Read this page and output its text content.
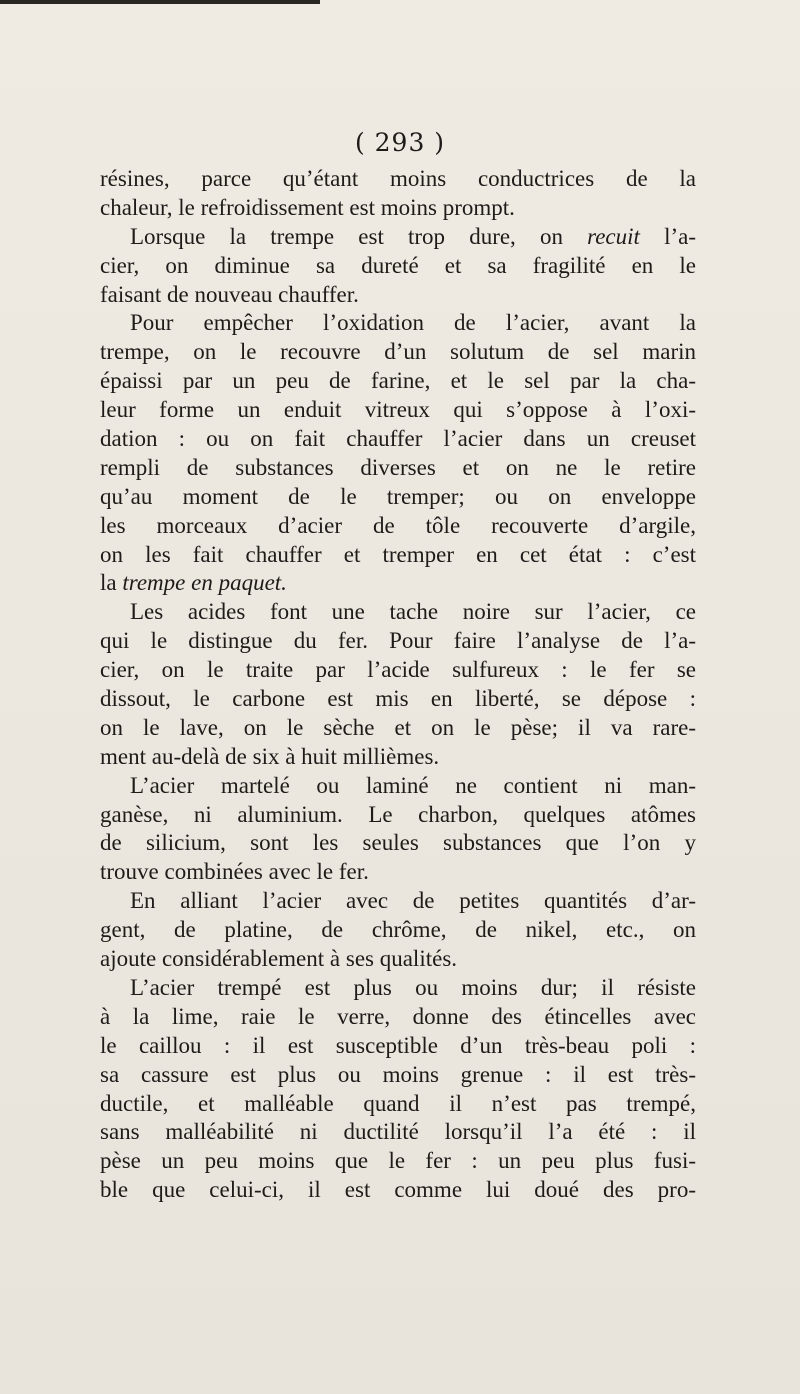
( 293 )
résines, parce qu’étant moins conductrices de la
chaleur, le refroidissement est moins prompt.
Lorsque la trempe est trop dure, on recuit l’a-
cier, on diminue sa dureté et sa fragilité en le
faisant de nouveau chauffer.
Pour empêcher l’oxidation de l’acier, avant la
trempe, on le recouvre d’un solutum de sel marin
épaissi par un peu de farine, et le sel par la cha-
leur forme un enduit vitreux qui s’oppose à l’oxi-
dation : ou on fait chauffer l’acier dans un creuset
rempli de substances diverses et on ne le retire
qu’au moment de le tremper; ou on enveloppe
les morceaux d’acier de tôle recouverte d’argile,
on les fait chauffer et tremper en cet état : c’est
la trempe en paquet.
Les acides font une tache noire sur l’acier, ce
qui le distingue du fer. Pour faire l’analyse de l’a-
cier, on le traite par l’acide sulfureux : le fer se
dissout, le carbone est mis en liberté, se dépose :
on le lave, on le sèche et on le pèse; il va rare-
ment au-delà de six à huit millièmes.
L’acier martelé ou laminé ne contient ni man-
ganèse, ni aluminium. Le charbon, quelques atômes
de silicium, sont les seules substances que l’on y
trouve combinées avec le fer.
En alliant l’acier avec de petites quantités d’ar-
gent, de platine, de chrôme, de nikel, etc., on
ajoute considérablement à ses qualités.
L’acier trempé est plus ou moins dur; il résiste
à la lime, raie le verre, donne des étincelles avec
le caillou : il est susceptible d’un très-beau poli :
sa cassure est plus ou moins grenue : il est très-
ductile, et malléable quand il n’est pas trempé,
sans malléabilité ni ductilité lorsqu’il l’a été : il
pèse un peu moins que le fer : un peu plus fusi-
ble que celui-ci, il est comme lui doué des pro-
